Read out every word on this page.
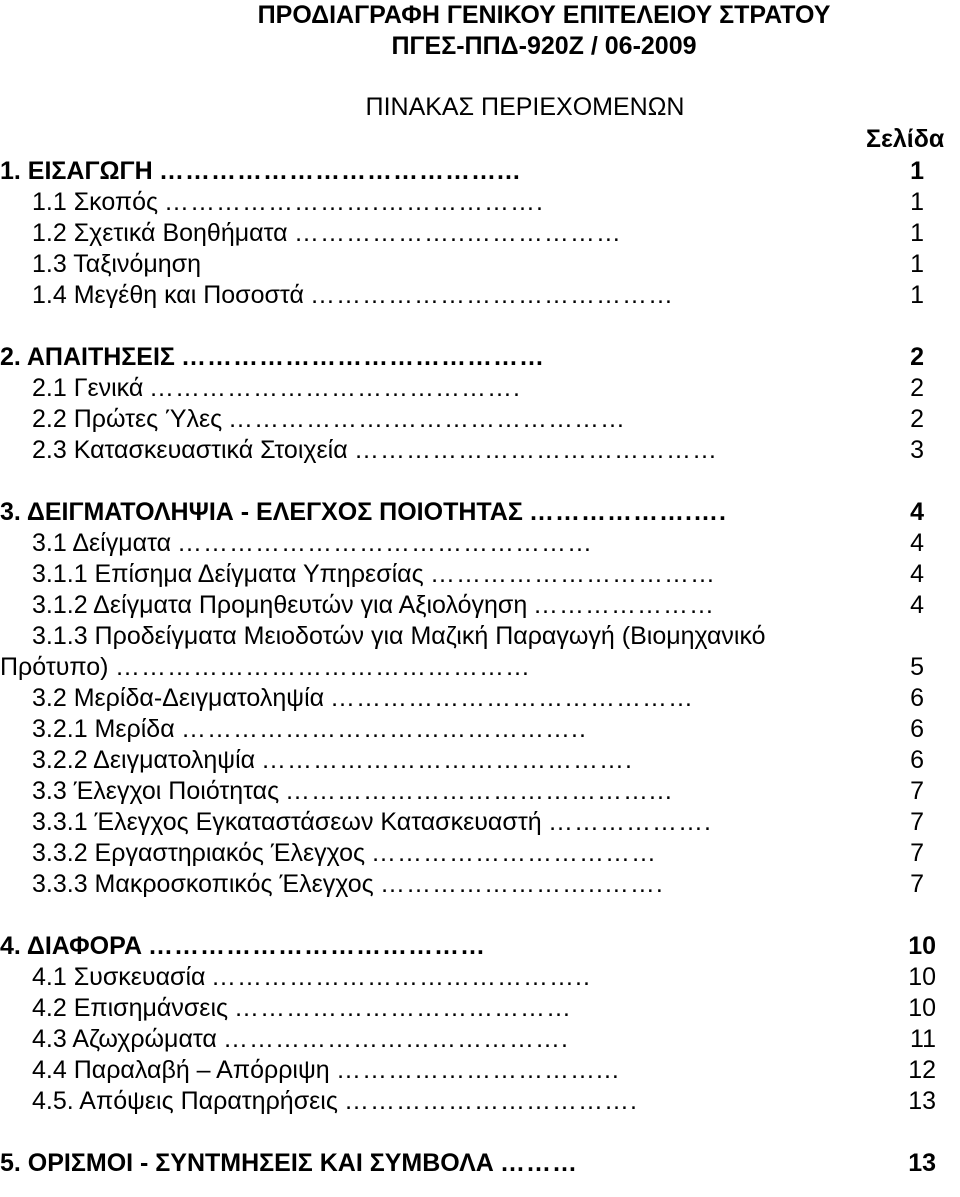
ΠΡΟΔΙΑΓΡΑΦΗ ΓΕΝΙΚΟΥ ΕΠΙΤΕΛΕΙΟΥ ΣΤΡΑΤΟΥ
ΠΓΕΣ-ΠΠΔ-920Ζ / 06-2009
ΠΙΝΑΚΑΣ ΠΕΡΙΕΧΟΜΕΝΩΝ
Σελίδα
1. ΕΙΣΑΓΩΓΗ …………………………………...	1
1.1 Σκοπός …………………….……………….	1
1.2 Σχετικά Βοηθήματα ………………..………………	1
1.3 Ταξινόμηση	1
1.4 Μεγέθη και Ποσοστά ……………………………………	1
2. ΑΠΑΙΤΗΣΕΙΣ ……………………………………	2
2.1 Γενικά …………………………………….	2
2.2 Πρώτες Ύλες ……………….………………………	2
2.3 Κατασκευαστικά Στοιχεία ……………………………………	3
3. ΔΕΙΓΜΑΤΟΛΗΨΙΑ - ΕΛΕΓΧΟΣ ΠΟΙΟΤΗΤΑΣ ……………….….	4
3.1 Δείγματα …………………………………………	4
3.1.1 Επίσημα Δείγματα Υπηρεσίας ……………………………	4
3.1.2 Δείγματα Προμηθευτών για Αξιολόγηση …………………	4
3.1.3 Προδείγματα Μειοδοτών για Μαζική Παραγωγή (Βιομηχανικό
Πρότυπο) …………………………………………	5
3.2 Μερίδα-Δειγματοληψία ……………………………………	6
3.2.1 Μερίδα ………………………………………..	6
3.2.2 Δειγματοληψία …………………………………….	6
3.3 Έλεγχοι Ποιότητας ……………………………………...	7
3.3.1 Έλεγχος Εγκαταστάσεων Κατασκευαστή ……………….	7
3.3.2 Εργαστηριακός Έλεγχος ……………………………	7
3.3.3 Μακροσκοπικός Έλεγχος ……………………..…….	7
4. ΔΙΑΦΟΡΑ …………………………………	10
4.1 Συσκευασία ……………………………………..	10
4.2 Επισημάνσεις …………………………………	10
4.3 Αζωχρώματα ………………………………….	11
4.4 Παραλαβή – Απόρριψη …………………………...	12
4.5. Απόψεις Παρατηρήσεις …………………………….	13
5. ΟΡΙΣΜΟΙ - ΣΥΝΤΜΗΣΕΙΣ ΚΑΙ ΣΥΜΒΟΛΑ ………	13
